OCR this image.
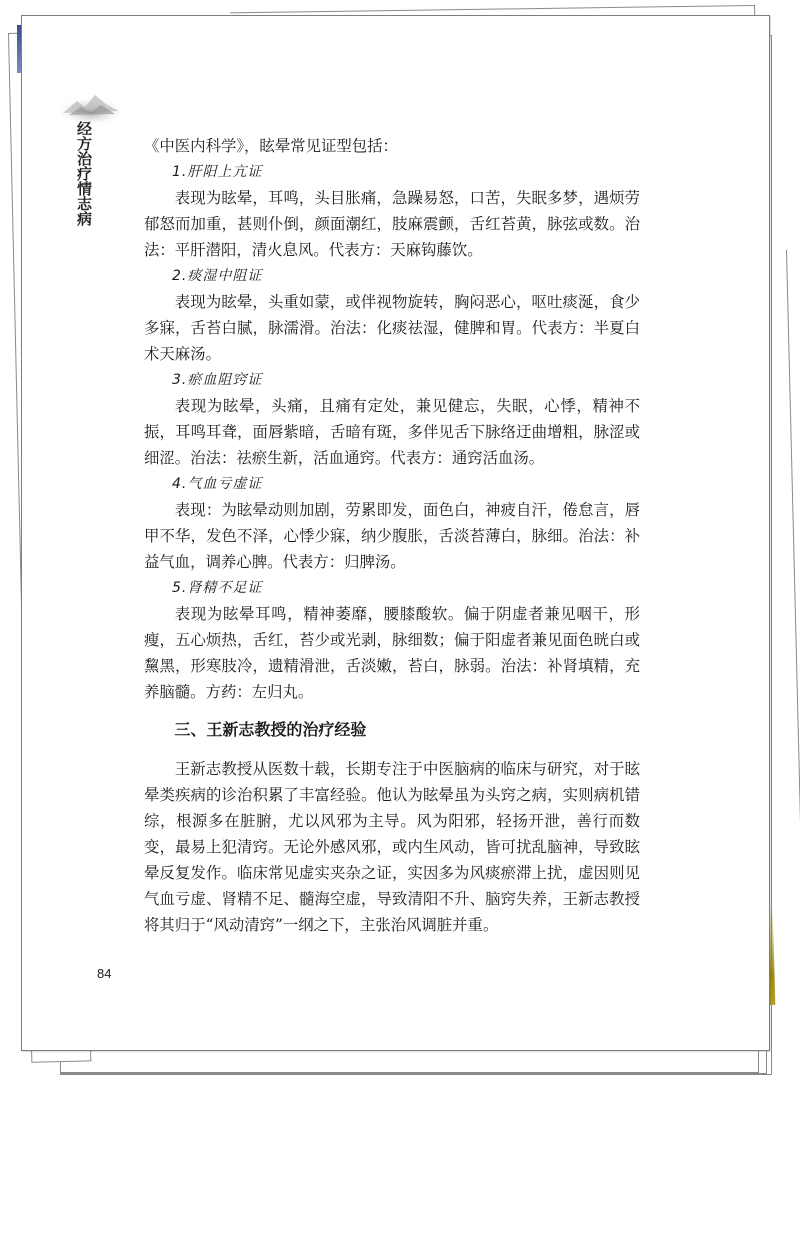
经方治疗情志病	《中医内科学》，眩晕常见证型包括：

1.肝阳上亢证

表现为眩晕，耳鸣，头目胀痛，急躁易怒，口苦，失眠多梦，遇烦劳郁怒而加重，甚则仆倒，颜面潮红，肢麻震颤，舌红苔黄，脉弦或数。治法：平肝潜阳，清火息风。代表方：天麻钩藤饮。

2.痰湿中阻证

表现为眩晕，头重如蒙，或伴视物旋转，胸闷恶心，呕吐痰涎，食少多寐，舌苔白腻，脉濡滑。治法：化痰祛湿，健脾和胃。代表方：半夏白术天麻汤。

3.瘀血阻窍证

表现为眩晕，头痛，且痛有定处，兼见健忘，失眠，心悸，精神不振，耳鸣耳聋，面唇紫暗，舌暗有斑，多伴见舌下脉络迂曲增粗，脉涩或细涩。治法：祛瘀生新，活血通窍。代表方：通窍活血汤。

4.气血亏虚证

表现：为眩晕动则加剧，劳累即发，面色白，神疲自汗，倦怠言，唇甲不华，发色不泽，心悸少寐，纳少腹胀，舌淡苔薄白，脉细。治法：补益气血，调养心脾。代表方：归脾汤。

5.肾精不足证

表现为眩晕耳鸣，精神萎靡，腰膝酸软。偏于阴虚者兼见咽干，形瘦，五心烦热，舌红，苔少或光剥，脉细数；偏于阳虚者兼见面色晄白或黧黑，形寒肢冷，遗精滑泄，舌淡嫩，苔白，脉弱。治法：补肾填精，充养脑髓。方药：左归丸。

三、王新志教授的治疗经验

王新志教授从医数十载，长期专注于中医脑病的临床与研究，对于眩晕类疾病的诊治积累了丰富经验。他认为眩晕虽为头窍之病，实则病机错综，根源多在脏腑，尤以风邪为主导。风为阳邪，轻扬开泄，善行而数变，最易上犯清窍。无论外感风邪，或内生风动，皆可扰乱脑神，导致眩晕反复发作。临床常见虚实夹杂之证，实因多为风痰瘀滞上扰，虚因则见气血亏虚、肾精不足、髓海空虚，导致清阳不升、脑窍失养，王新志教授将其归于“风动清窍”一纲之下，主张治风调脏并重。

84
